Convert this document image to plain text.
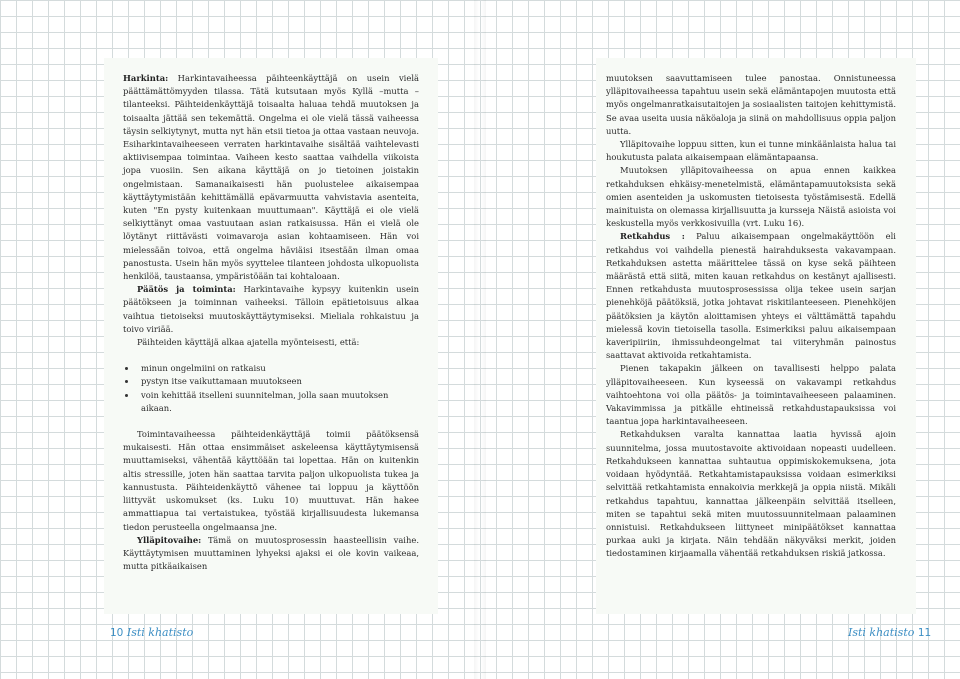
Harkinta: Harkintavaiheessa päihteenkäyttäjä on usein vielä päättämättömyyden tilassa. Tätä kutsutaan myös Kyllä –mutta –tilanteeksi. Päihteidenkäyttäjä toisaalta haluaa tehdä muutoksen ja toisaalta jättää sen tekemättä. Ongelma ei ole vielä tässä vaiheessa täysin selkiytynyt, mutta nyt hän etsii tietoa ja ottaa vastaan neuvoja. Esiharkintavaiheeseen verraten harkintavaihe sisältää vaihtelevasti aktiivisempaa toimintaa. Vaiheen kesto saattaa vaihdella viikoista jopa vuosiin. Sen aikana käyttäjä on jo tietoinen joistakin ongelmistaan. Samanaikaisesti hän puolustelee aikaisempaa käyttäytymistään kehittämällä epävarmuutta vahvistavia asenteita, kuten "En pysty kuitenkaan muuttumaan". Käyttäjä ei ole vielä selkiyttänyt omaa vastuutaan asian ratkaisussa. Hän ei vielä ole löytänyt riittävästi voimavaroja asian kohtaamiseen. Hän voi mielessään toivoa, että ongelma häviäisi itsestään ilman omaa panostusta. Usein hän myös syyttelee tilanteen johdosta ulkopuolista henkilöä, taustaansa, ympäristöään tai kohtaloaan.

Päätös ja toiminta: Harkintavaihe kypsyy kuitenkin usein päätökseen ja toiminnan vaiheeksi. Tälloin epätietoisuus alkaa vaihtua tietoiseksi muutoskäyttäytymiseksi. Mieliala rohkaistuu ja toivo viriää.

Päihteiden käyttäjä alkaa ajatella myönteisesti, että:

minun ongelmiini on ratkaisu
pystyn itse vaikuttamaan muutokseen
voin kehittää itselleni suunnitelman, jolla saan muutoksen aikaan.

Toimintavaiheessa päihteidenkäyttäjä toimii päätöksensä mukaisesti. Hän ottaa ensimmäiset askeleensa käyttäytymisensä muuttamiseksi, vähentää käyttöään tai lopettaa. Hän on kuitenkin altis stressille, joten hän saattaa tarvita paljon ulkopuolista tukea ja kannustusta. Päihteidenkäyttö vähenee tai loppuu ja käyttöön liittyvät uskomukset (ks. Luku 10) muuttuvat. Hän hakee ammattiapua tai vertaistukea, työstää kirjallisuudesta lukemansa tiedon perusteella ongelmaansa jne.

Ylläpitovaihe: Tämä on muutosprosessin haasteellisin vaihe. Käyttäytymisen muuttaminen lyhyeksi ajaksi ei ole kovin vaikeaa, mutta pitkäaikaisen

muutoksen saavuttamiseen tulee panostaa. Onnistuneessa ylläpitovaiheessa tapahtuu usein sekä elämäntapojen muutosta että myös ongelmanratkaisutaitojen ja sosiaalisten taitojen kehittymistä. Se avaa useita uusia näköaloja ja siinä on mahdollisuus oppia paljon uutta.

Ylläpitovaihe loppuu sitten, kun ei tunne minkäänlaista halua tai houkutusta palata aikaisempaan elämäntapaansa.

Muutoksen ylläpitovaiheessa on apua ennen kaikkea retkahduksen ehkäisy-menetelmistä, elämäntapamuutoksista sekä omien asenteiden ja uskomusten tietoisesta työstämisestä. Edellä mainituista on olemassa kirjallisuutta ja kursseja Näistä asioista voi keskustella myös verkkosivuilla (vrt. Luku 16).

Retkahdus : Paluu aikaisempaan ongelmakäyttöön eli retkahdus voi vaihdella pienestä hairahduksesta vakavampaan. Retkahduksen astetta määrittelee tässä on kyse sekä päihteen määrästä että siitä, miten kauan retkahdus on kestänyt ajallisesti. Ennen retkahdusta muutosprosessissa olija tekee usein sarjan pienehköjä päätöksiä, jotka johtavat riskitilanteeseen. Pienehköjen päätöksien ja käytön aloittamisen yhteys ei välttämättä tapahdu mielessä kovin tietoisella tasolla. Esimerkiksi paluu aikaisempaan kaveripiiriin, ihmissuhdeongelmat tai viiteryhmän painostus saattavat aktivoida retkahtamista.

Pienen takapakin jälkeen on tavallisesti helppo palata ylläpitovaiheeseen. Kun kyseessä on vakavampi retkahdus vaihtoehtona voi olla päätös- ja toimintavaiheeseen palaaminen. Vakavimmissa ja pitkälle ehtineissä retkahdustapauksissa voi taantua jopa harkintavaiheeseen.

Retkahduksen varalta kannattaa laatia hyvissä ajoin suunnitelma, jossa muutostavoite aktivoidaan nopeasti uudelleen. Retkahdukseen kannattaa suhtautua oppimiskokemuksena, jota voidaan hyödyntää. Retkahtamistapauksissa voidaan esimerkiksi selvittää retkahtamista ennakoivia merkkejä ja oppia niistä. Mikäli retkahdus tapahtuu, kannattaa jälkeenpäin selvittää itselleen, miten se tapahtui sekä miten muutossuunnitelmaan palaaminen onnistuisi. Retkahdukseen liittyneet minipäätökset kannattaa purkaa auki ja kirjata. Näin tehdään näkyväksi merkit, joiden tiedostaminen kirjaamalla vähentää retkahduksen riskiä jatkossa.

10 Isti khatisto	Isti khatisto 11
